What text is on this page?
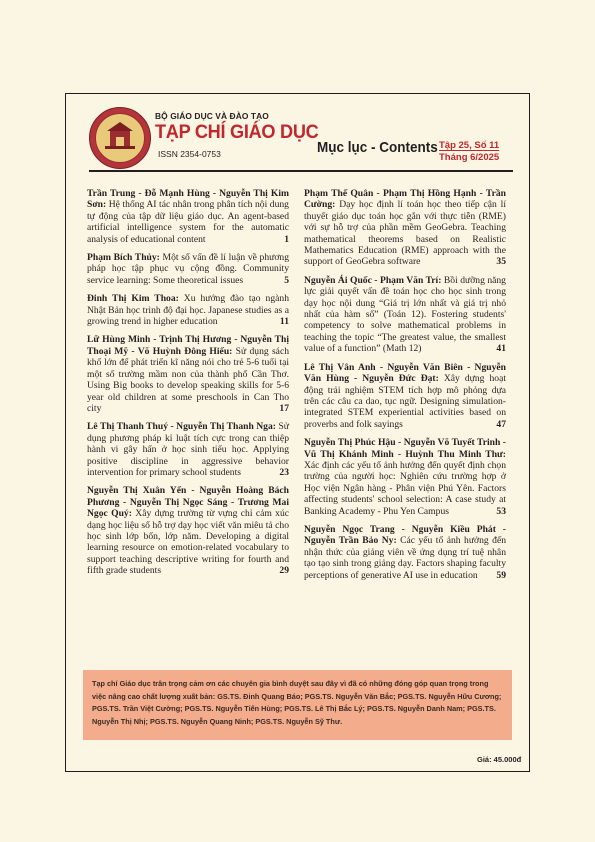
BỘ GIÁO DỤC VÀ ĐÀO TẠO
TẠP CHÍ GIÁO DỤC
ISSN 2354-0753	Mục lục - Contents Tập 25, Số 11
Tháng 6/2025
Trần Trung - Đỗ Mạnh Hùng - Nguyễn Thị Kim Sơn: Hệ thống AI tác nhân trong phân tích nội dung tự động của tập dữ liệu giáo dục. An agent-based artificial intelligence system for the automatic analysis of educational content	1
Phạm Bích Thủy: Một số vấn đề lí luận về phương pháp học tập phục vụ cộng đồng. Community service learning: Some theoretical issues	5
Đinh Thị Kim Thoa: Xu hướng đào tạo ngành Nhật Bản học trình độ đại học. Japanese studies as a growing trend in higher education	11
Lữ Hùng Minh - Trịnh Thị Hương - Nguyễn Thị Thoại Mỹ - Võ Huỳnh Đông Hiếu: Sử dụng sách khổ lớn để phát triển kĩ năng nói cho trẻ 5-6 tuổi tại một số trường mầm non của thành phố Cần Thơ. Using Big books to develop speaking skills for 5-6 year old children at some preschools in Can Tho city	17
Lê Thị Thanh Thuý - Nguyễn Thị Thanh Nga: Sử dụng phương pháp kỉ luật tích cực trong can thiệp hành vi gây hấn ở học sinh tiểu học. Applying positive discipline in aggressive behavior intervention for primary school students	23
Nguyễn Thị Xuân Yến - Nguyễn Hoàng Bách Phương - Nguyễn Thị Ngọc Sáng - Trương Mai Ngọc Quý: Xây dựng trường từ vựng chỉ cảm xúc dạng học liệu số hỗ trợ dạy học viết văn miêu tả cho học sinh lớp bốn, lớp năm. Developing a digital learning resource on emotion-related vocabulary to support teaching descriptive writing for fourth and fifth grade students	29
Phạm Thế Quân - Phạm Thị Hồng Hạnh - Trần Cường: Dạy học định lí toán học theo tiếp cận lí thuyết giáo dục toán học gắn với thực tiễn (RME) với sự hỗ trợ của phần mềm GeoGebra. Teaching mathematical theorems based on Realistic Mathematics Education (RME) approach with the support of GeoGebra software	35
Nguyễn Ái Quốc - Phạm Văn Trí: Bồi dưỡng năng lực giải quyết vấn đề toán học cho học sinh trong dạy học nội dung “Giá trị lớn nhất và giá trị nhỏ nhất của hàm số” (Toán 12). Fostering students' competency to solve mathematical problems in teaching the topic “The greatest value, the smallest value of a function” (Math 12)	41
Lê Thị Vân Anh - Nguyễn Văn Biên - Nguyễn Văn Hùng - Nguyễn Đức Đạt: Xây dựng hoạt động trải nghiệm STEM tích hợp mô phỏng dựa trên các câu ca dao, tục ngữ. Designing simulation-integrated STEM experiential activities based on proverbs and folk sayings	47
Nguyễn Thị Phúc Hậu - Nguyễn Võ Tuyết Trinh - Vũ Thị Khánh Minh - Huỳnh Thu Minh Thư: Xác định các yếu tố ảnh hưởng đến quyết định chọn trường của người học: Nghiên cứu trường hợp ở Học viện Ngân hàng - Phân viện Phú Yên. Factors affecting students' school selection: A case study at Banking Academy - Phu Yen Campus	53
Nguyễn Ngọc Trang - Nguyễn Kiều Phát - Nguyễn Trần Bảo Ny: Các yếu tố ảnh hưởng đến nhận thức của giảng viên về ứng dụng trí tuệ nhân tạo tạo sinh trong giảng dạy. Factors shaping faculty perceptions of generative AI use in education 59

Tạp chí Giáo dục trân trọng cảm ơn các chuyên gia bình duyệt sau đây vì đã có những đóng góp quan trọng trong việc nâng cao chất lượng xuất bản: GS.TS. Đinh Quang Báo; PGS.TS. Nguyễn Văn Bắc; PGS.TS. Nguyễn Hữu Cương; PGS.TS. Trần Việt Cường; PGS.TS. Nguyễn Tiến Hùng; PGS.TS. Lê Thị Bắc Lý; PGS.TS. Nguyễn Danh Nam; PGS.TS. Nguyễn Thị Nhị; PGS.TS. Nguyễn Quang Ninh; PGS.TS. Nguyễn Sỹ Thư.

Giá: 45.000đ
